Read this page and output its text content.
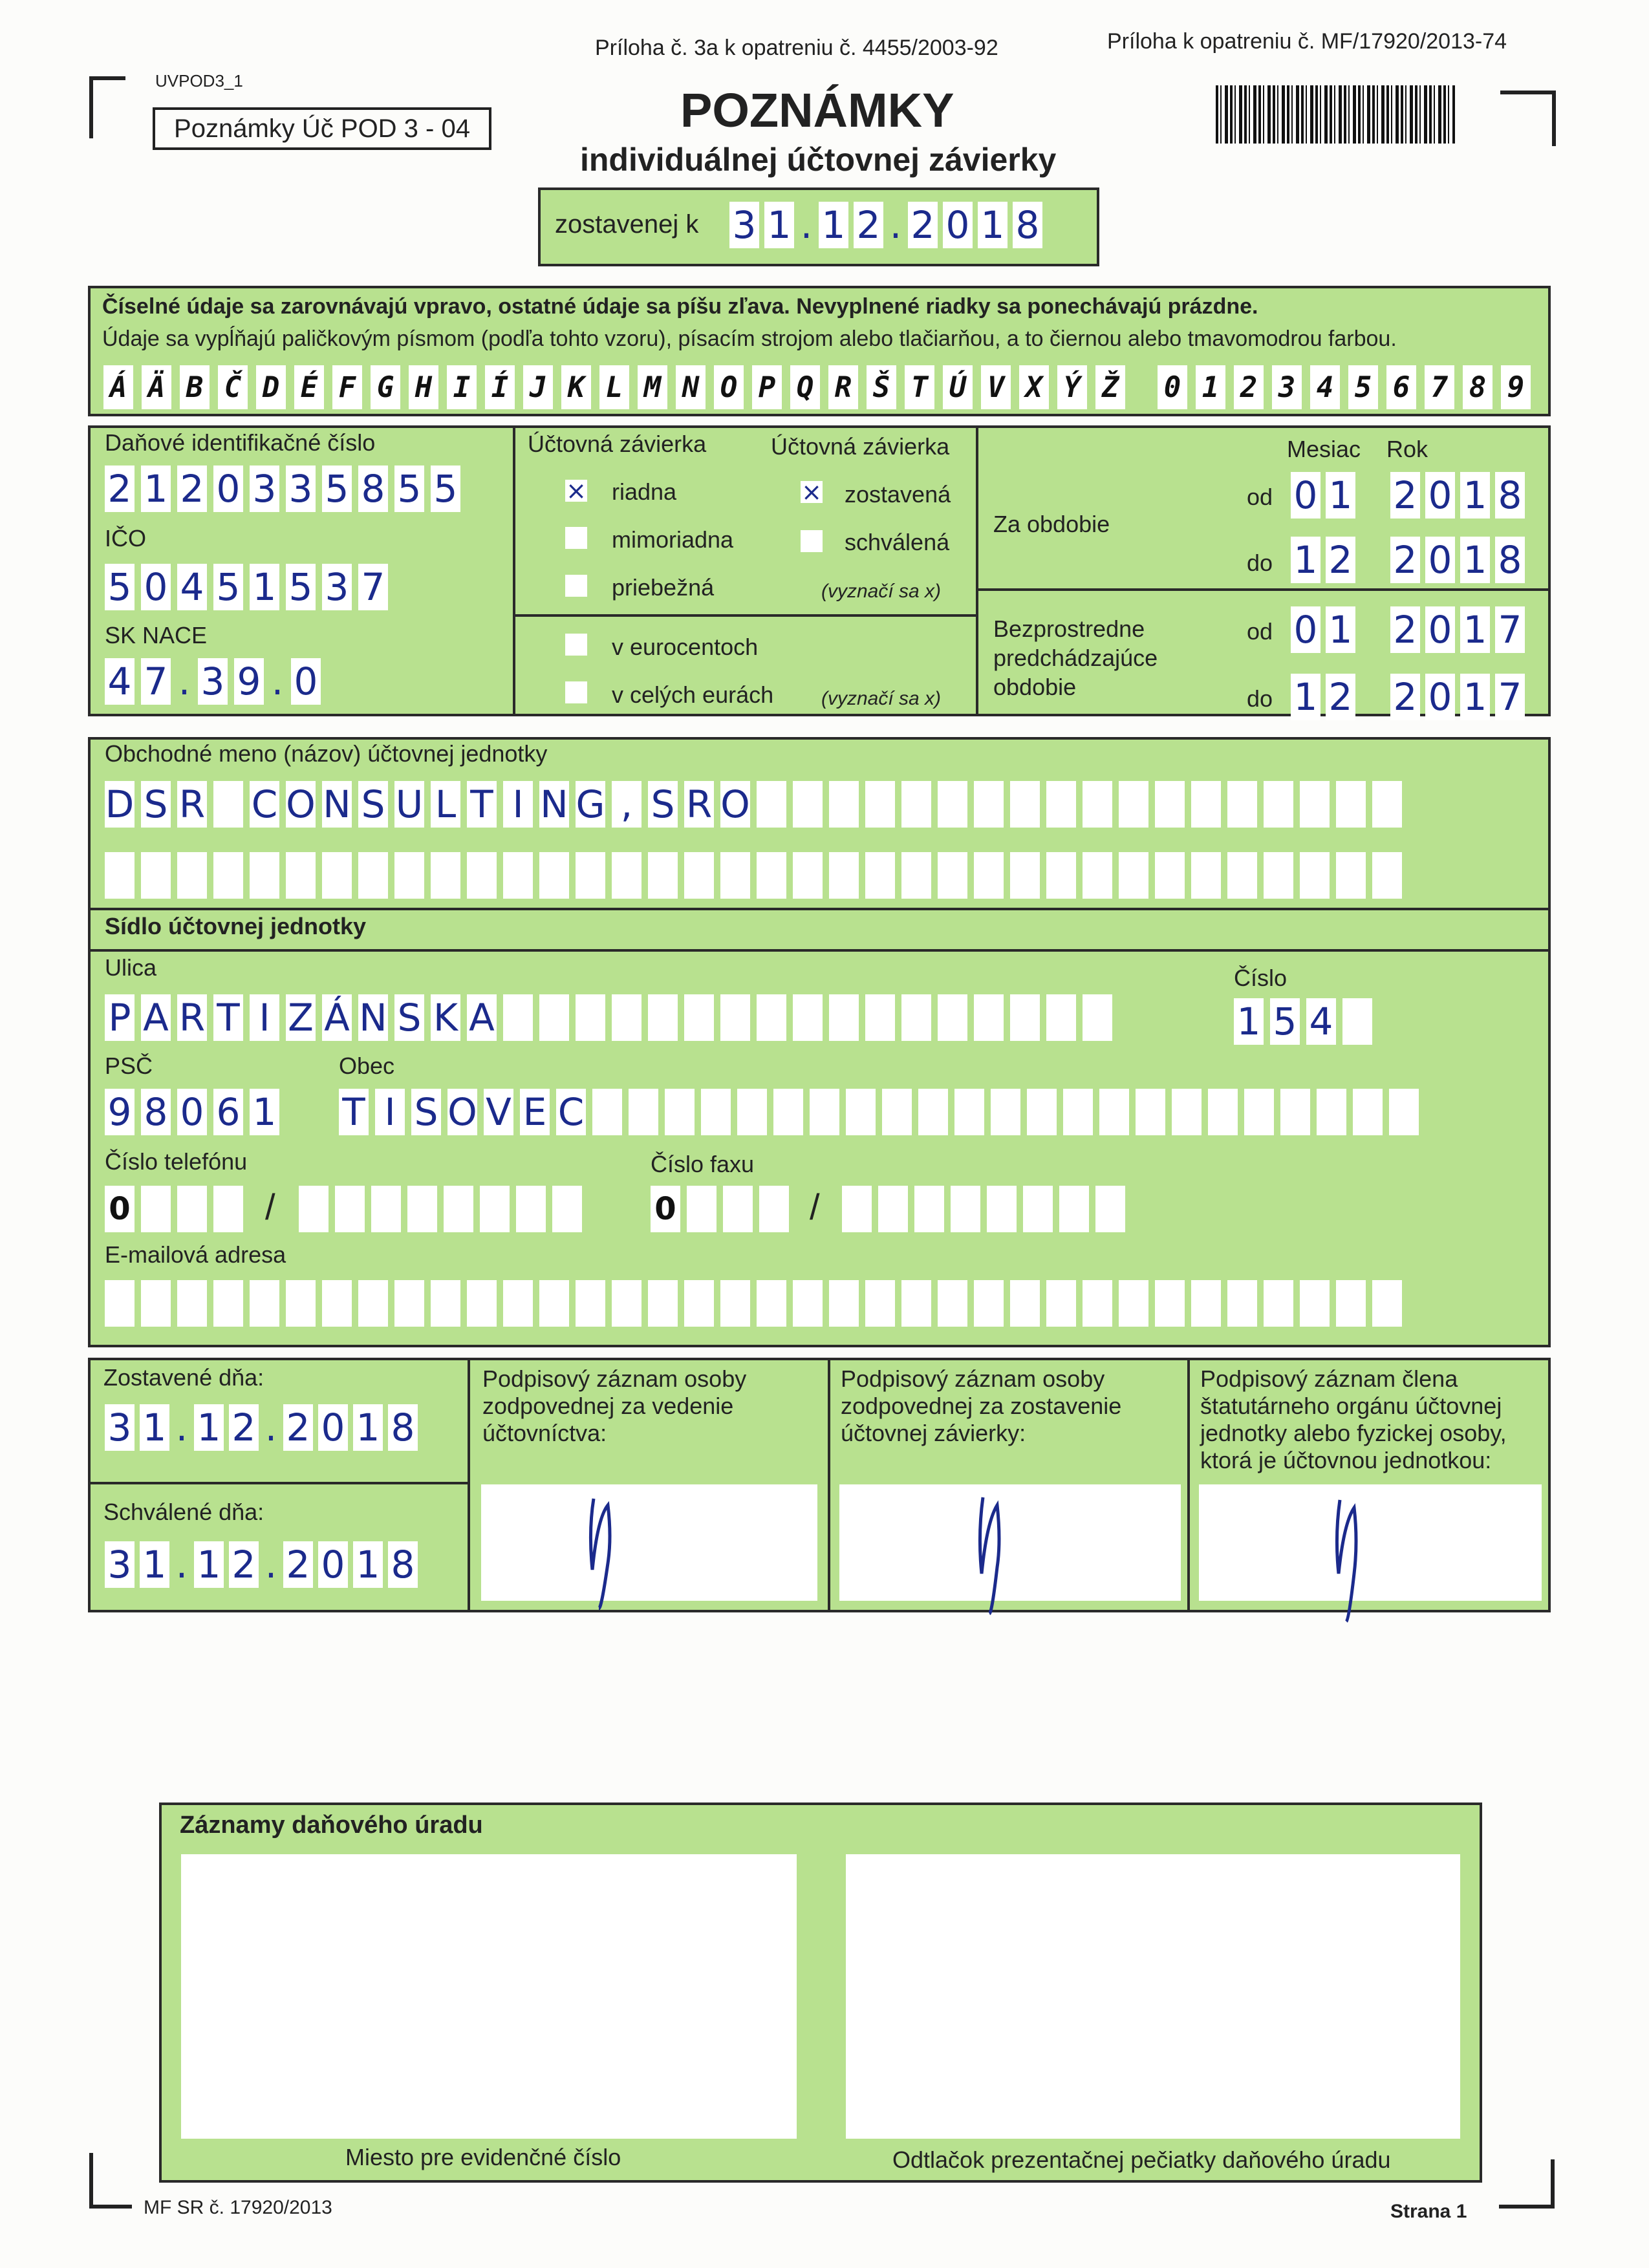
Príloha č. 3a k opatreniu č. 4455/2003-92	Príloha k opatreniu č. MF/17920/2013-74
UVPOD3_1
Poznámky Úč POD 3 - 04	POZNÁMKY
individuálnej účtovnej závierky
zostavenej k 3 1 . 1 2 . 2 0 1 8
Číselné údaje sa zarovnávajú vpravo, ostatné údaje sa píšu zľava. Nevyplnené riadky sa ponechávajú prázdne.
Údaje sa vypĺňajú paličkovým písmom (podľa tohto vzoru), písacím strojom alebo tlačiarňou, a to čiernou alebo tmavomodrou farbou.
Á Ä B Č D É F G H I Í J K L M N O P Q R Š T Ú V X Ý Ž 0 1 2 3 4 5 6 7 8 9
Daňové identifikačné číslo
2 1 2 0 3 3 5 8 5 5
IČO
5 0 4 5 1 5 3 7
SK NACE
4 7 . 3 9 . 0
Účtovná závierka	Účtovná závierka
× riadna
mimoriadna
priebežná
× zostavená
schválená
(vyznačí sa x)
v eurocentoch
v celých eurách (vyznačí sa x)
Mesiac Rok
Za obdobie
od 0 1 2 0 1 8
do 1 2 2 0 1 8
Bezprostredne
predchádzajúce
obdobie
od 0 1 2 0 1 7
do 1 2 2 0 1 7
Obchodné meno (názov) účtovnej jednotky
D S R C O N S U L T I N G , S R O
Sídlo účtovnej jednotky
Ulica
P A R T I Z Á N S K A
Číslo
1 5 4
PSČ
9 8 0 6 1
Obec
T I S O V E C
Číslo telefónu
0	/
Číslo faxu
0	/
E-mailová adresa
Zostavené dňa:
3 1 . 1 2 . 2 0 1 8
Schválené dňa:
3 1 . 1 2 . 2 0 1 8
Podpisový záznam osoby zodpovednej za vedenie účtovníctva:
Podpisový záznam osoby zodpovednej za zostavenie účtovnej závierky:
Podpisový záznam člena štatutárneho orgánu účtovnej jednotky alebo fyzickej osoby, ktorá je účtovnou jednotkou:
Záznamy daňového úradu
Miesto pre evidenčné číslo	Odtlačok prezentačnej pečiatky daňového úradu
MF SR č. 17920/2013	Strana 1
